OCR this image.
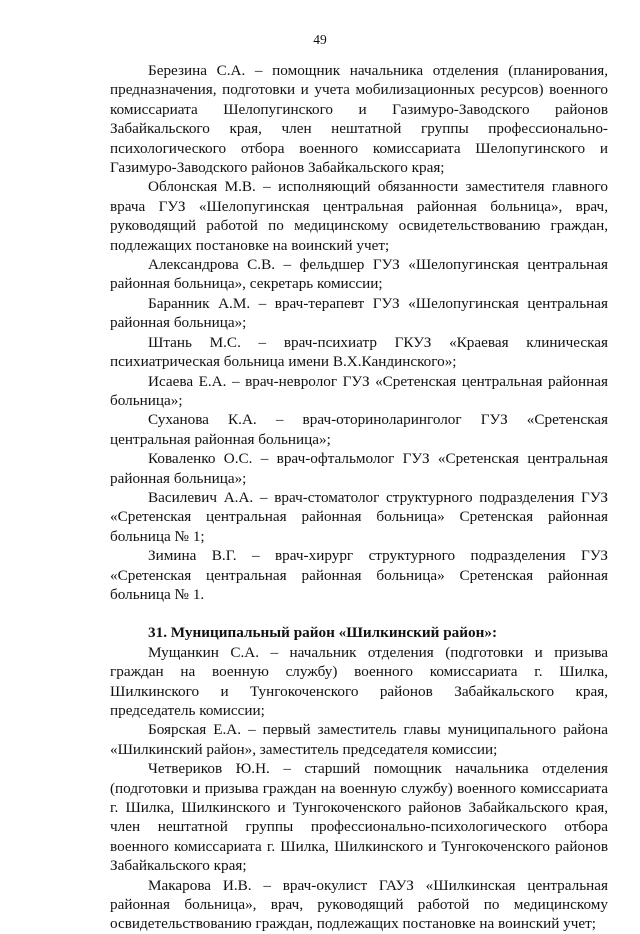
49

Березина С.А. – помощник начальника отделения (планирования, предназначения, подготовки и учета мобилизационных ресурсов) военного комиссариата Шелопугинского и Газимуро-Заводского районов Забайкальского края, член нештатной группы профессионально-психологического отбора военного комиссариата Шелопугинского и Газимуро-Заводского районов Забайкальского края;

Облонская М.В. – исполняющий обязанности заместителя главного врача ГУЗ «Шелопугинская центральная районная больница», врач, руководящий работой по медицинскому освидетельствованию граждан, подлежащих постановке на воинский учет;

Александрова С.В. – фельдшер ГУЗ «Шелопугинская центральная районная больница», секретарь комиссии;

Баранник А.М. – врач-терапевт ГУЗ «Шелопугинская центральная районная больница»;

Штань М.С. – врач-психиатр ГКУЗ «Краевая клиническая психиатрическая больница имени В.Х.Кандинского»;

Исаева Е.А. – врач-невролог ГУЗ «Сретенская центральная районная больница»;

Суханова К.А. – врач-оториноларинголог ГУЗ «Сретенская центральная районная больница»;

Коваленко О.С. – врач-офтальмолог ГУЗ «Сретенская центральная районная больница»;

Василевич А.А. – врач-стоматолог структурного подразделения ГУЗ «Сретенская центральная районная больница» Сретенская районная больница № 1;

Зимина В.Г. – врач-хирург структурного подразделения ГУЗ «Сретенская центральная районная больница» Сретенская районная больница № 1.

31. Муниципальный район «Шилкинский район»:

Мущанкин С.А. – начальник отделения (подготовки и призыва граждан на военную службу) военного комиссариата г. Шилка, Шилкинского и Тунгокоченского районов Забайкальского края, председатель комиссии;

Боярская Е.А. – первый заместитель главы муниципального района «Шилкинский район», заместитель председателя комиссии;

Четвериков Ю.Н. – старший помощник начальника отделения (подготовки и призыва граждан на военную службу) военного комиссариата г. Шилка, Шилкинского и Тунгокоченского районов Забайкальского края, член нештатной группы профессионально-психологического отбора военного комиссариата г. Шилка, Шилкинского и Тунгокоченского районов Забайкальского края;

Макарова И.В. – врач-окулист ГАУЗ «Шилкинская центральная районная больница», врач, руководящий работой по медицинскому освидетельствованию граждан, подлежащих постановке на воинский учет;
